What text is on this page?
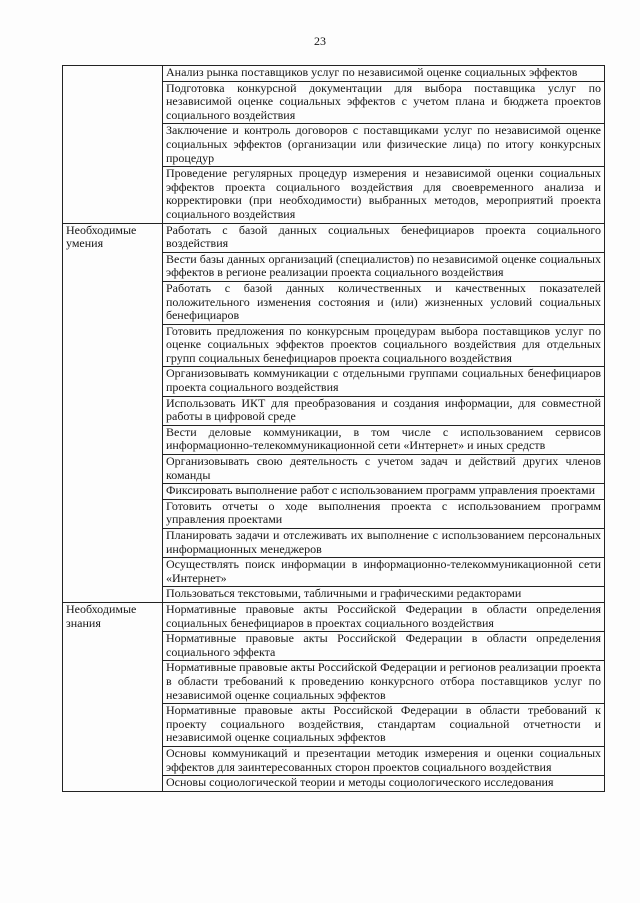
23
	Анализ рынка поставщиков услуг по независимой оценке социальных эффектов
	Подготовка конкурсной документации для выбора поставщика услуг по независимой оценке социальных эффектов с учетом плана и бюджета проектов социального воздействия
	Заключение и контроль договоров с поставщиками услуг по независимой оценке социальных эффектов (организации или физические лица) по итогу конкурсных процедур
	Проведение регулярных процедур измерения и независимой оценки социальных эффектов проекта социального воздействия для своевременного анализа и корректировки (при необходимости) выбранных методов, мероприятий проекта социального воздействия
Необходимые умения	Работать с базой данных социальных бенефициаров проекта социального воздействия
	Вести базы данных организаций (специалистов) по независимой оценке социальных эффектов в регионе реализации проекта социального воздействия
	Работать с базой данных количественных и качественных показателей положительного изменения состояния и (или) жизненных условий социальных бенефициаров
	Готовить предложения по конкурсным процедурам выбора поставщиков услуг по оценке социальных эффектов проектов социального воздействия для отдельных групп социальных бенефициаров проекта социального воздействия
	Организовывать коммуникации с отдельными группами социальных бенефициаров проекта социального воздействия
	Использовать ИКТ для преобразования и создания информации, для совместной работы в цифровой среде
	Вести деловые коммуникации, в том числе с использованием сервисов информационно-телекоммуникационной сети «Интернет» и иных средств
	Организовывать свою деятельность с учетом задач и действий других членов команды
	Фиксировать выполнение работ с использованием программ управления проектами
	Готовить отчеты о ходе выполнения проекта с использованием программ управления проектами
	Планировать задачи и отслеживать их выполнение с использованием персональных информационных менеджеров
	Осуществлять поиск информации в информационно-телекоммуникационной сети «Интернет»
	Пользоваться текстовыми, табличными и графическими редакторами
Необходимые знания	Нормативные правовые акты Российской Федерации в области определения социальных бенефициаров в проектах социального воздействия
	Нормативные правовые акты Российской Федерации в области определения социального эффекта
	Нормативные правовые акты Российской Федерации и регионов реализации проекта в области требований к проведению конкурсного отбора поставщиков услуг по независимой оценке социальных эффектов
	Нормативные правовые акты Российской Федерации в области требований к проекту социального воздействия, стандартам социальной отчетности и независимой оценке социальных эффектов
	Основы коммуникаций и презентации методик измерения и оценки социальных эффектов для заинтересованных сторон проектов социального воздействия
	Основы социологической теории и методы социологического исследования
